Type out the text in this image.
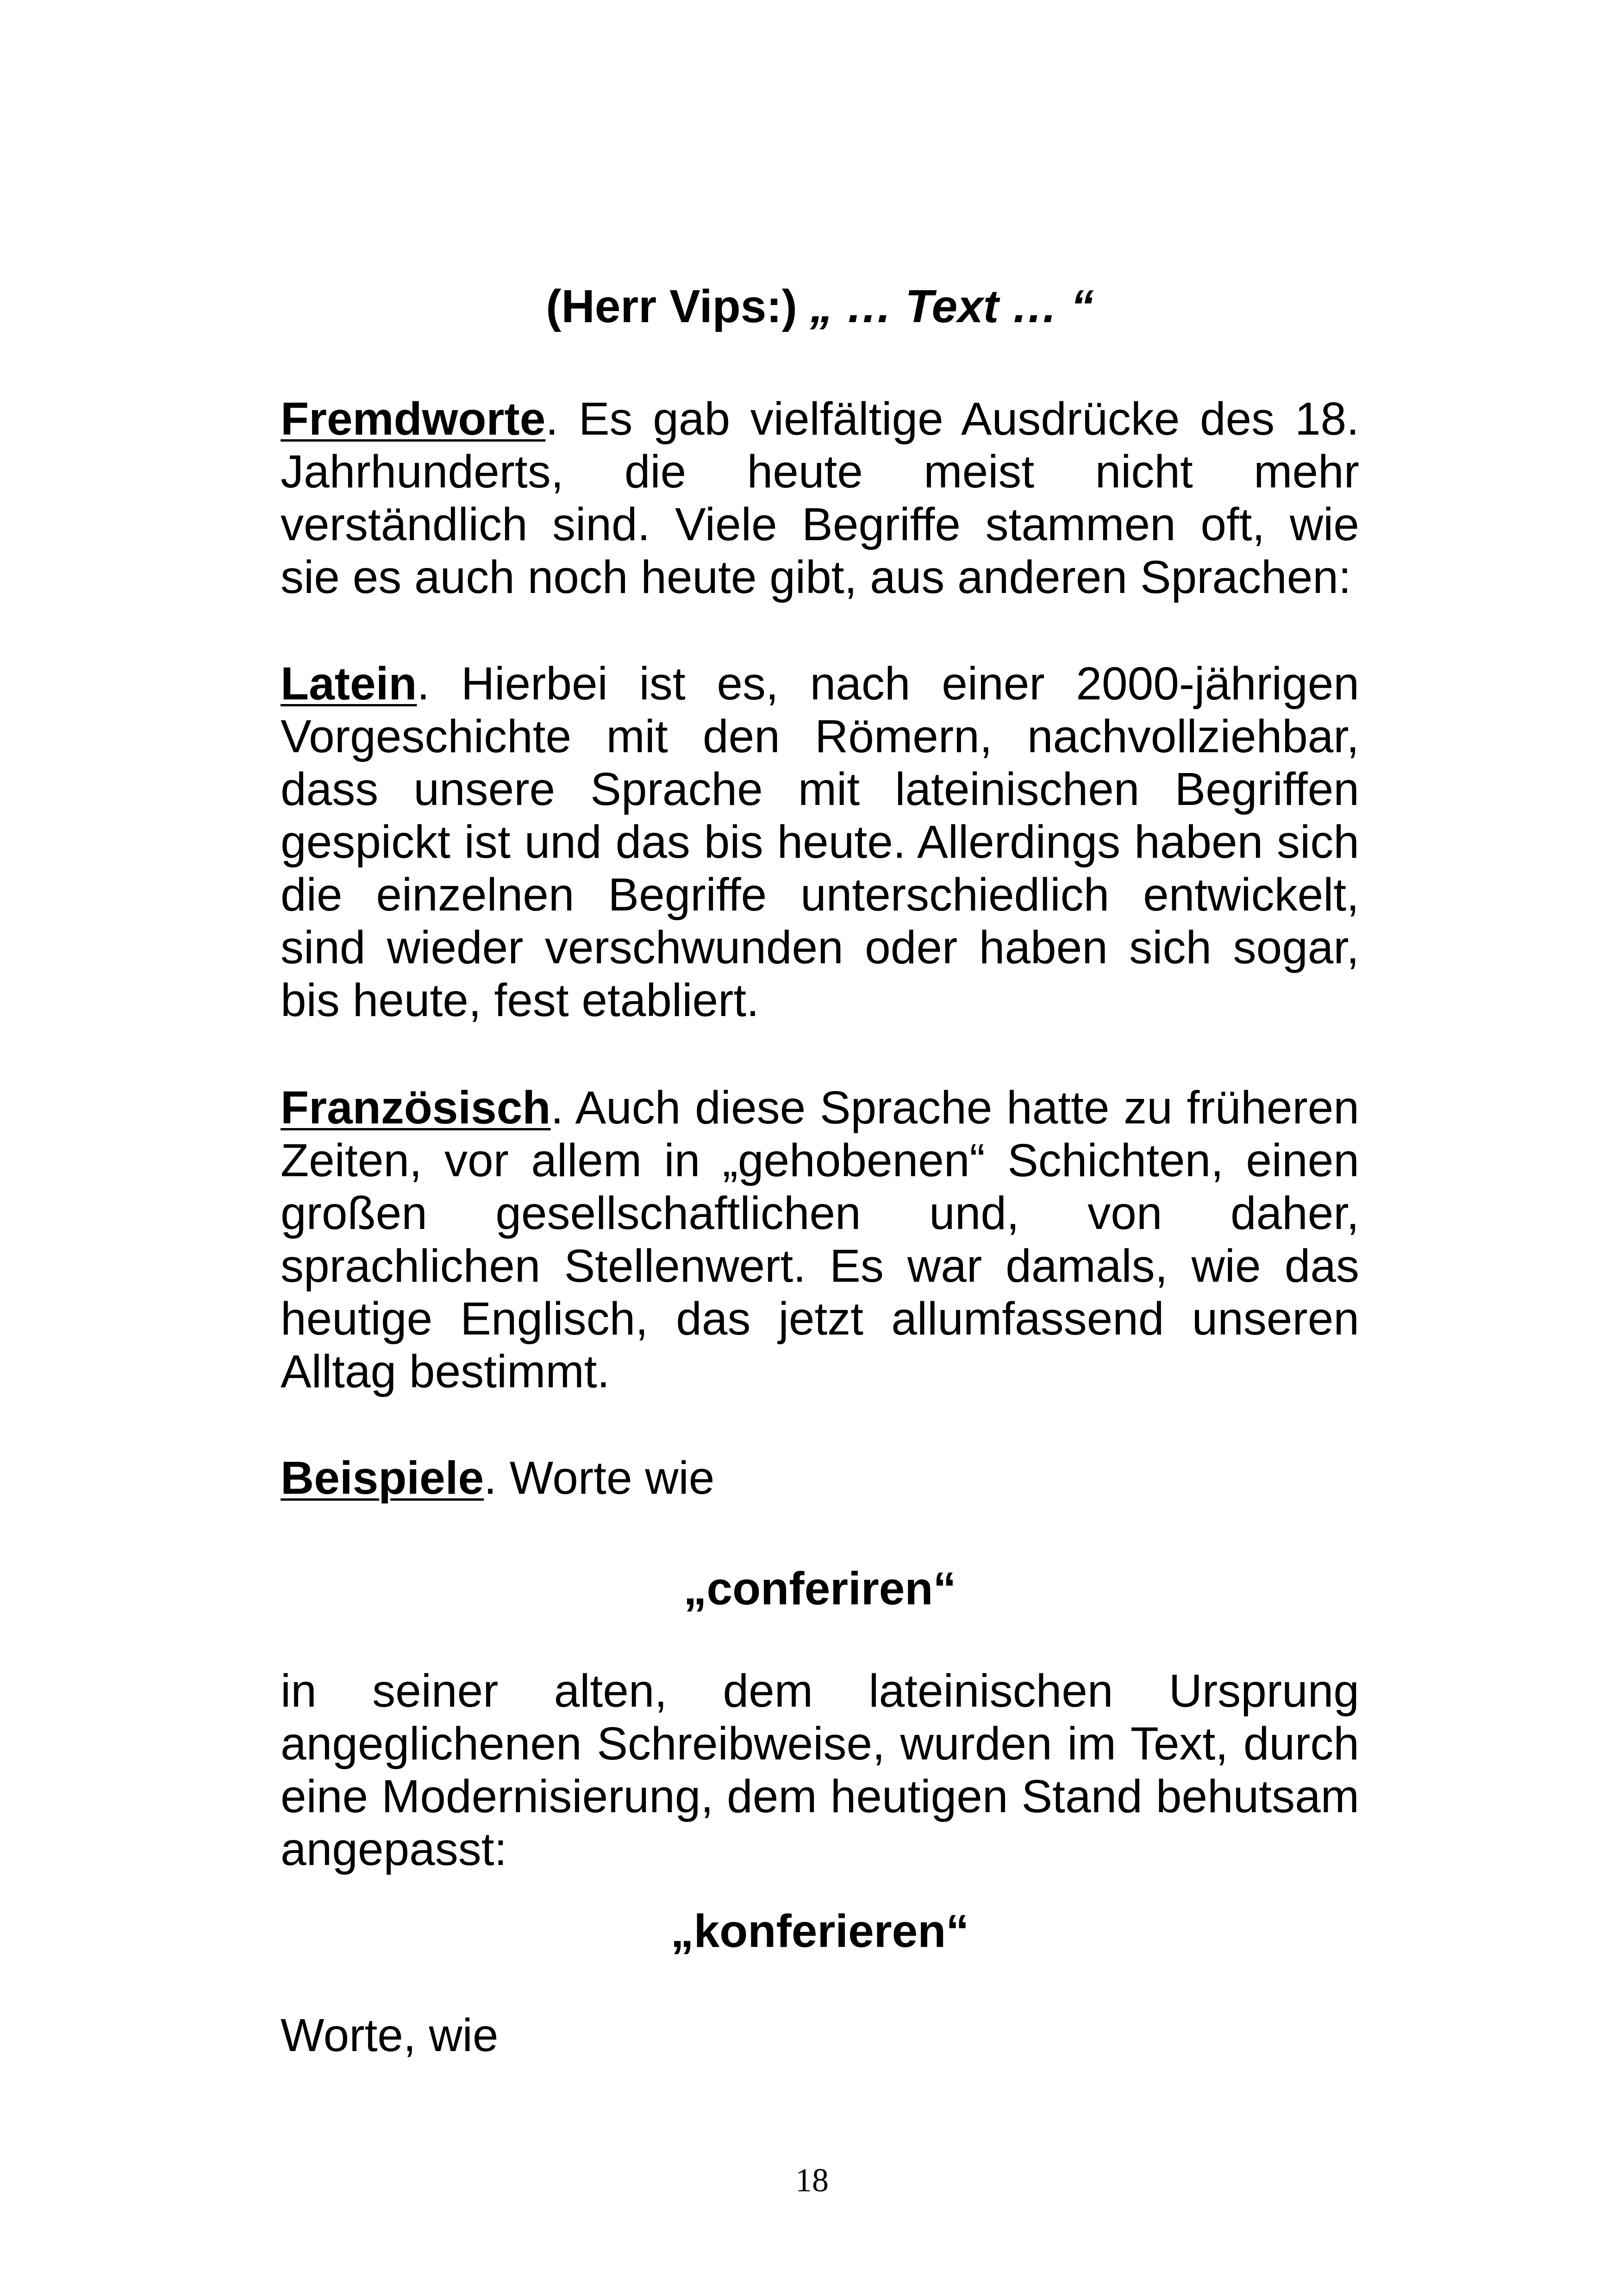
(Herr Vips:) „ … Text … “

Fremdworte. Es gab vielfältige Ausdrücke des 18. Jahrhunderts, die heute meist nicht mehr verständlich sind. Viele Begriffe stammen oft, wie sie es auch noch heute gibt, aus anderen Sprachen:

Latein. Hierbei ist es, nach einer 2000-jährigen Vorgeschichte mit den Römern, nachvollziehbar, dass unsere Sprache mit lateinischen Begriffen gespickt ist und das bis heute. Allerdings haben sich die einzelnen Begriffe unterschiedlich entwickelt, sind wieder verschwunden oder haben sich sogar, bis heute, fest etabliert.

Französisch. Auch diese Sprache hatte zu früheren Zeiten, vor allem in „gehobenen“ Schichten, einen großen gesellschaftlichen und, von daher, sprachlichen Stellenwert. Es war damals, wie das heutige Englisch, das jetzt allumfassend unseren Alltag bestimmt.

Beispiele. Worte wie

„conferiren“

in seiner alten, dem lateinischen Ursprung angeglichenen Schreibweise, wurden im Text, durch eine Modernisierung, dem heutigen Stand behutsam angepasst:

„konferieren“

Worte, wie

18
